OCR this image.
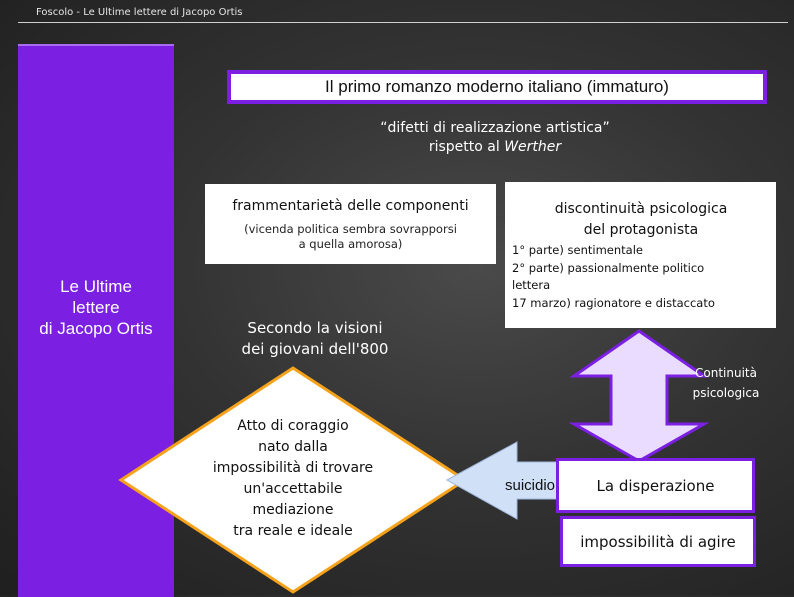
Foscolo - Le Ultime lettere di Jacopo Ortis
Le Ultime
lettere
di Jacopo Ortis
Il primo romanzo moderno italiano (immaturo)
“difetti di realizzazione artistica”
rispetto al Werther
frammentarietà delle componenti
(vicenda politica sembra sovrapporsi
a quella amorosa)
discontinuità psicologica
del protagonista
1° parte) sentimentale
2° parte) passionalmente politico
lettera
17 marzo) ragionatore e distaccato
Secondo la visioni
dei giovani dell'800
Continuità
psicologica
Atto di coraggio
nato dalla
impossibilità di trovare
un'accettabile
mediazione
tra reale e ideale
La disperazione
suicidio
impossibilità di agire
